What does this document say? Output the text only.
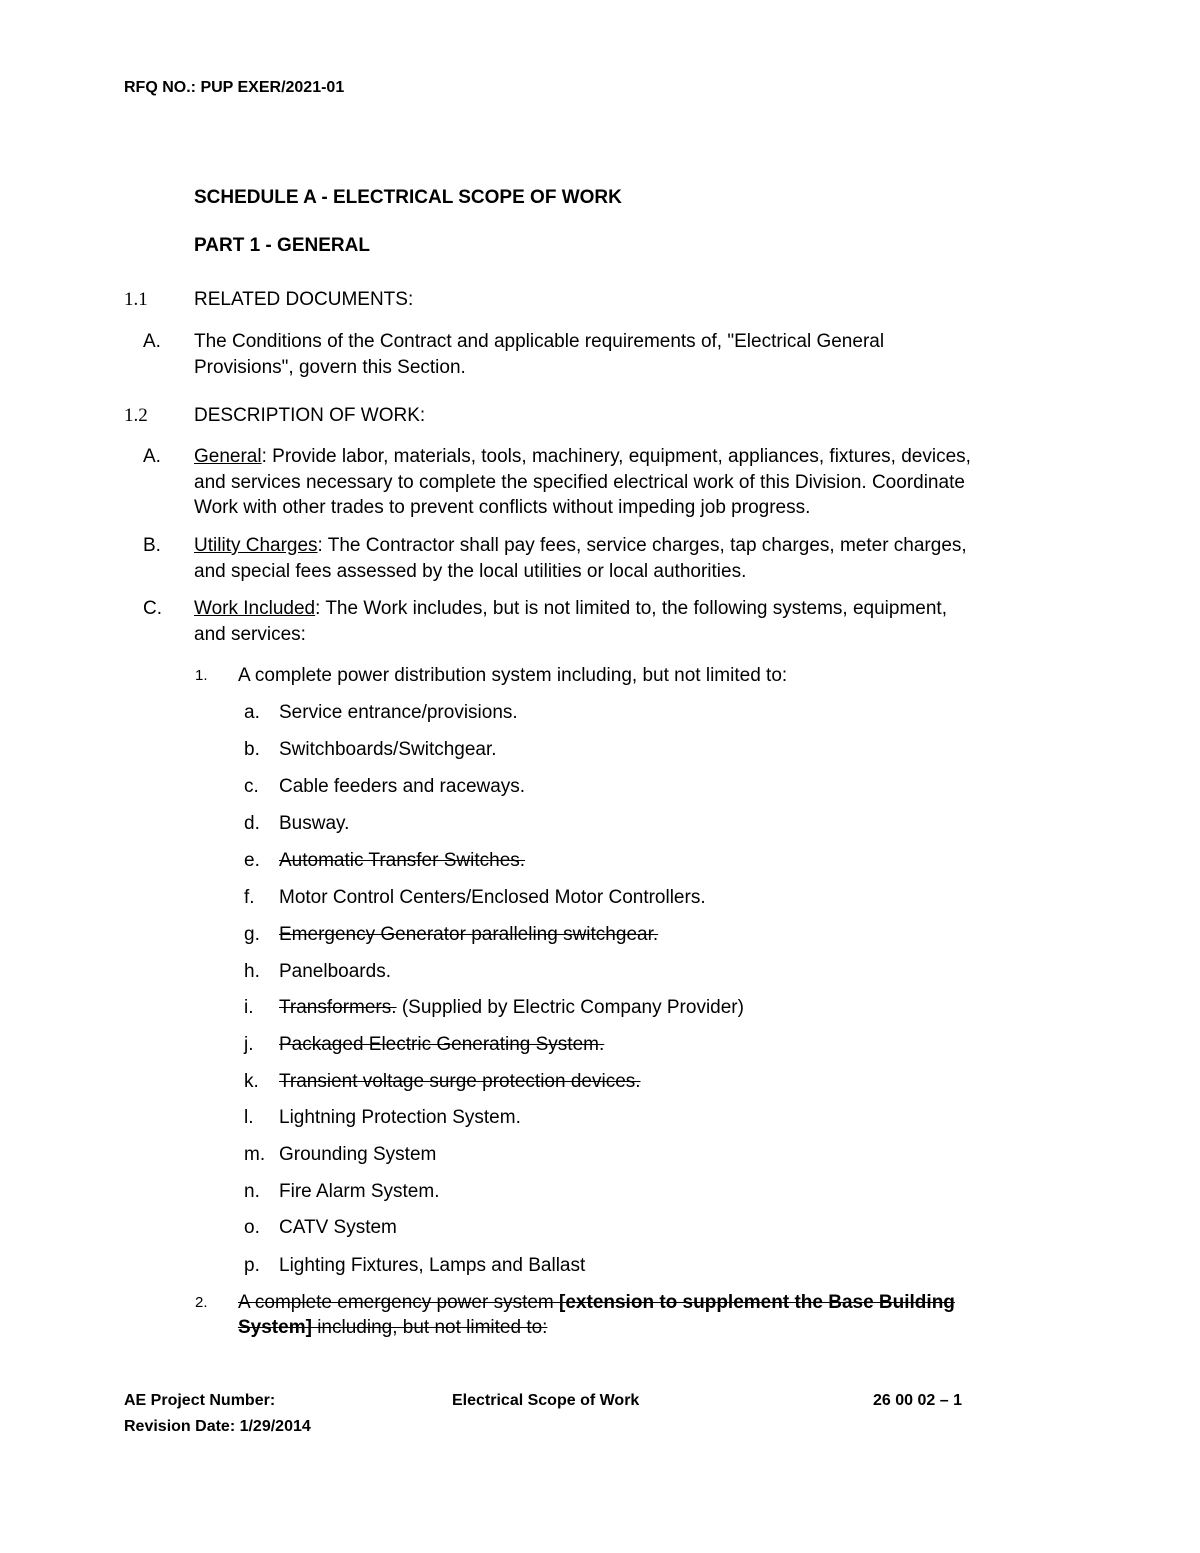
RFQ NO.: PUP EXER/2021-01
SCHEDULE A - ELECTRICAL SCOPE OF WORK
PART 1 - GENERAL
1.1 RELATED DOCUMENTS:
A. The Conditions of the Contract and applicable requirements of, "Electrical General
Provisions", govern this Section.
1.2 DESCRIPTION OF WORK:
A. General: Provide labor, materials, tools, machinery, equipment, appliances, fixtures, devices,
and services necessary to complete the specified electrical work of this Division. Coordinate
Work with other trades to prevent conflicts without impeding job progress.
B. Utility Charges: The Contractor shall pay fees, service charges, tap charges, meter charges,
and special fees assessed by the local utilities or local authorities.
C. Work Included: The Work includes, but is not limited to, the following systems, equipment,
and services:
1. A complete power distribution system including, but not limited to:
a. Service entrance/provisions.
b. Switchboards/Switchgear.
c. Cable feeders and raceways.
d. Busway.
e. Automatic Transfer Switches.
f. Motor Control Centers/Enclosed Motor Controllers.
g. Emergency Generator paralleling switchgear.
h. Panelboards.
i. Transformers. (Supplied by Electric Company Provider)
j. Packaged Electric Generating System.
k. Transient voltage surge protection devices.
l. Lightning Protection System.
m. Grounding System
n. Fire Alarm System.
o. CATV System
p. Lighting Fixtures, Lamps and Ballast
2. A complete emergency power system [extension to supplement the Base Building
System] including, but not limited to:
AE Project Number:
Revision Date: 1/29/2014
Electrical Scope of Work	26 00 02 – 1
